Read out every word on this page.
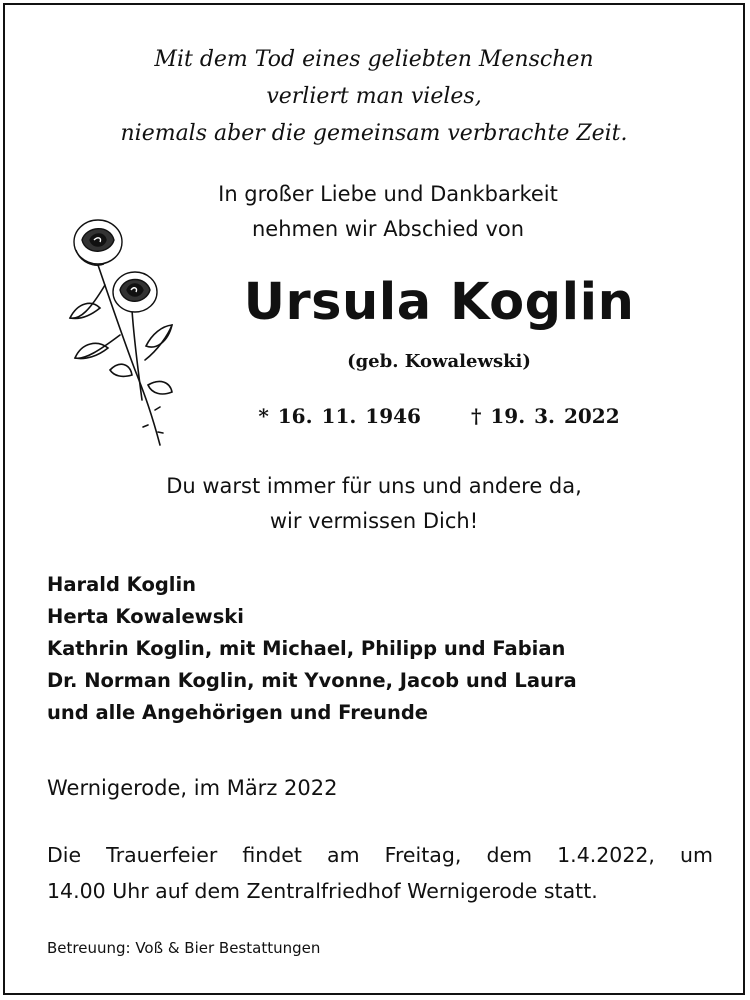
Mit dem Tod eines geliebten Menschen
verliert man vieles,
niemals aber die gemeinsam verbrachte Zeit.
In großer Liebe und Dankbarkeit
nehmen wir Abschied von
Ursula Koglin
(geb. Kowalewski)
* 16. 11. 1946	† 19. 3. 2022
Du warst immer für uns und andere da,
wir vermissen Dich!
Harald Koglin
Herta Kowalewski
Kathrin Koglin, mit Michael, Philipp und Fabian
Dr. Norman Koglin, mit Yvonne, Jacob und Laura
und alle Angehörigen und Freunde
Wernigerode, im März 2022

Die Trauerfeier findet am Freitag, dem 1.4.2022, um

14.00 Uhr auf dem Zentralfriedhof Wernigerode statt.

Betreuung: Voß & Bier Bestattungen
